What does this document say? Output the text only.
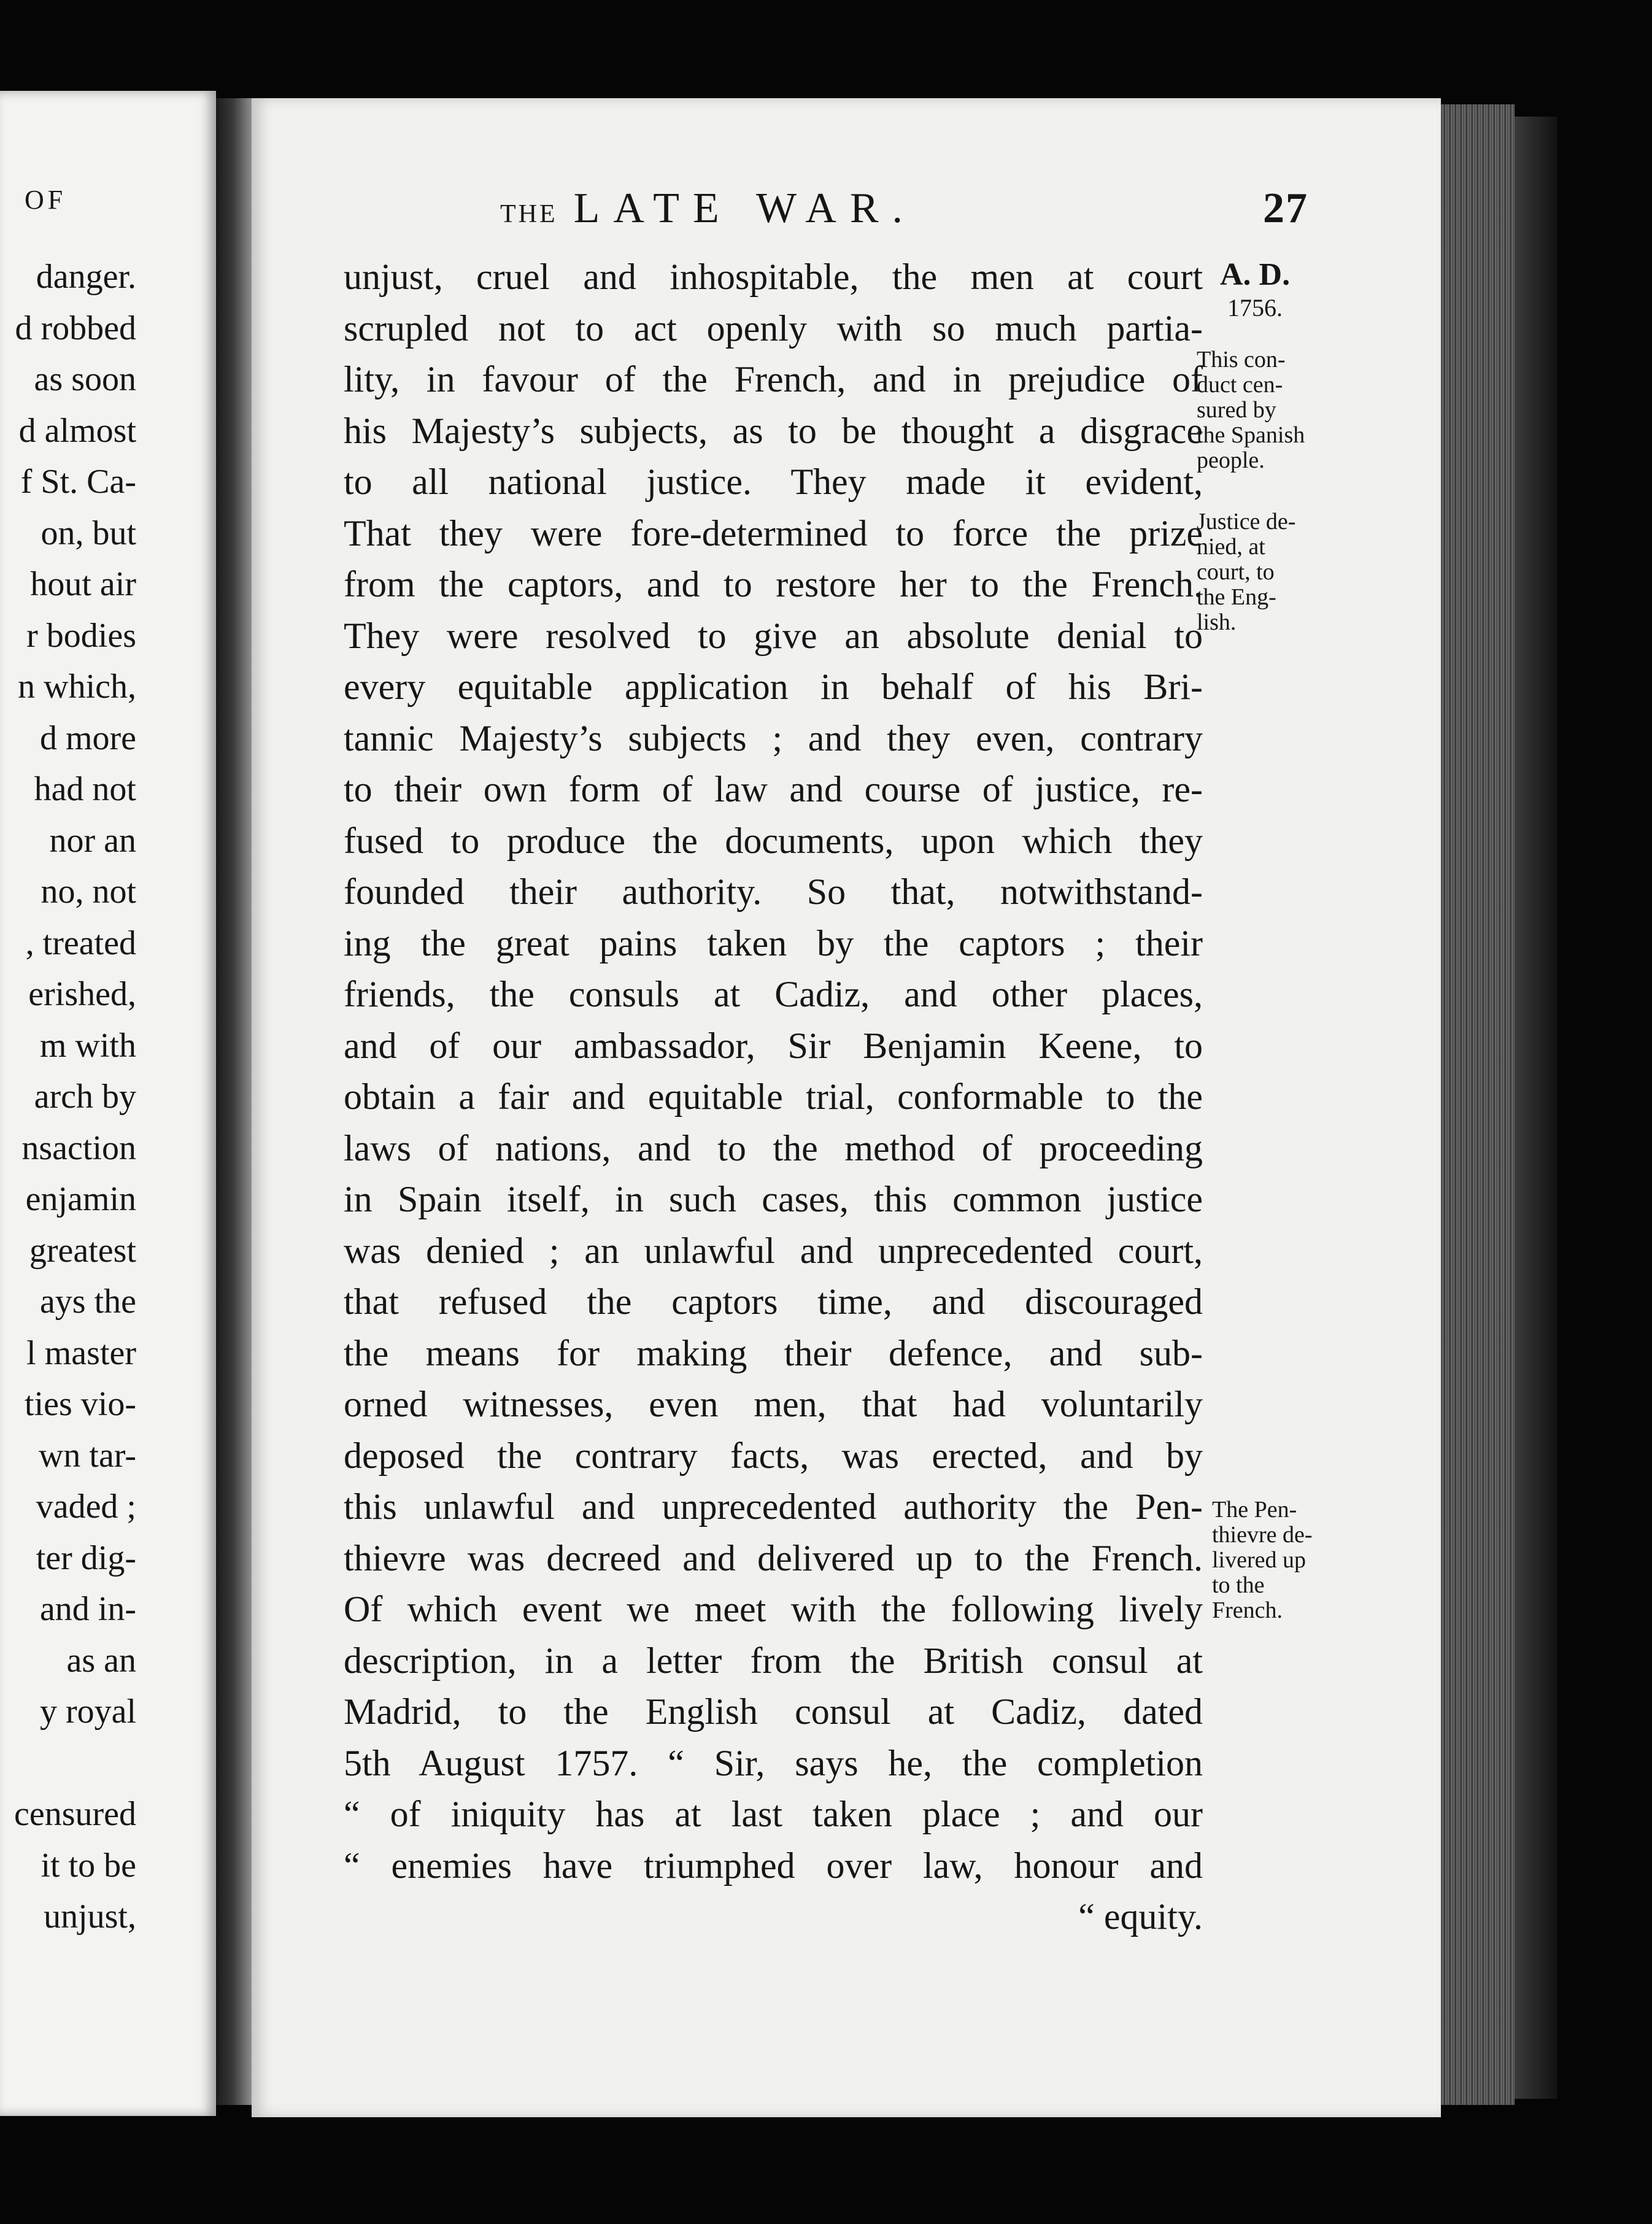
OF
danger.
d robbed
as soon
d almost
f St. Ca-
on, but
hout air
r bodies
n which,
d more
had not
nor an
no, not
, treated
erished,
m with
arch by
nsaction
enjamin
greatest
ays the
l master
ties vio-
wn tar-
vaded ;
ter dig-
and in-
as an
y royal
censured
it to be
unjust,
THE LATE WAR.	27
A. D.
1756.
This con-
duct cen-
sured by
the Spanish
people.
Justice de-
nied, at
court, to
the Eng-
lish.
The Pen-
thievre de-
livered up
to the
French.
unjust, cruel and inhospitable, the men at court
scrupled not to act openly with so much partia-
lity, in favour of the French, and in prejudice of
his Majesty’s subjects, as to be thought a disgrace
to all national justice. They made it evident,
That they were fore-determined to force the prize
from the captors, and to restore her to the French.
They were resolved to give an absolute denial to
every equitable application in behalf of his Bri-
tannic Majesty’s subjects ; and they even, contrary
to their own form of law and course of justice, re-
fused to produce the documents, upon which they
founded their authority. So that, notwithstand-
ing the great pains taken by the captors ; their
friends, the consuls at Cadiz, and other places,
and of our ambassador, Sir Benjamin Keene, to
obtain a fair and equitable trial, conformable to the
laws of nations, and to the method of proceeding
in Spain itself, in such cases, this common justice
was denied ; an unlawful and unprecedented court,
that refused the captors time, and discouraged
the means for making their defence, and sub-
orned witnesses, even men, that had voluntarily
deposed the contrary facts, was erected, and by
this unlawful and unprecedented authority the Pen-
thievre was decreed and delivered up to the French.
Of which event we meet with the following lively
description, in a letter from the British consul at
Madrid, to the English consul at Cadiz, dated
5th August 1757. “ Sir, says he, the completion
“ of iniquity has at last taken place ; and our
“ enemies have triumphed over law, honour and
“ equity.
